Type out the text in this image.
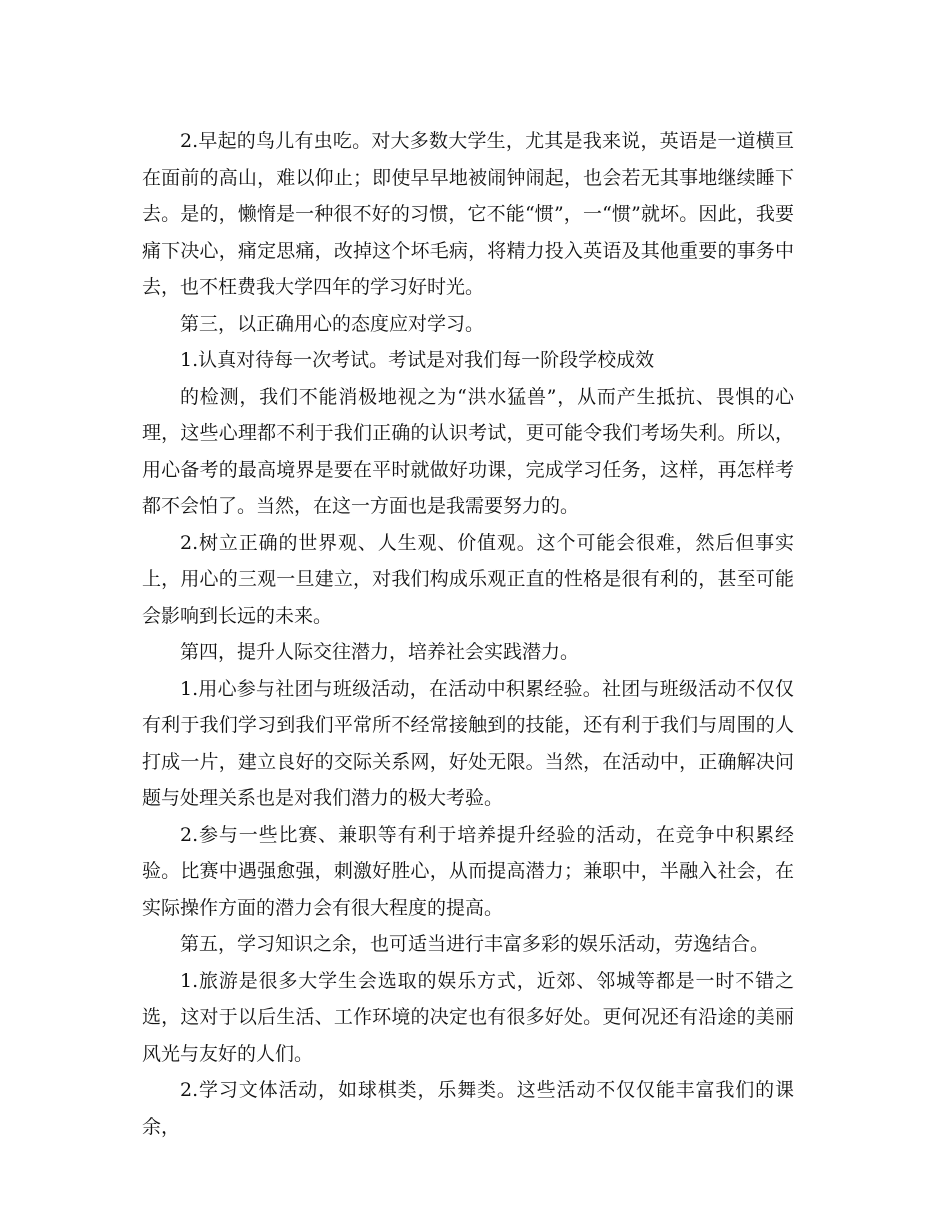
2.早起的鸟儿有虫吃。对大多数大学生，尤其是我来说，英语是一道横亘在面前的高山，难以仰止；即使早早地被闹钟闹起，也会若无其事地继续睡下去。是的，懒惰是一种很不好的习惯，它不能“惯”，一“惯”就坏。因此，我要痛下决心，痛定思痛，改掉这个坏毛病，将精力投入英语及其他重要的事务中去，也不枉费我大学四年的学习好时光。

第三，以正确用心的态度应对学习。

1.认真对待每一次考试。考试是对我们每一阶段学校成效

的检测，我们不能消极地视之为“洪水猛兽”，从而产生抵抗、畏惧的心理，这些心理都不利于我们正确的认识考试，更可能令我们考场失利。所以，用心备考的最高境界是要在平时就做好功课，完成学习任务，这样，再怎样考都不会怕了。当然，在这一方面也是我需要努力的。

2.树立正确的世界观、人生观、价值观。这个可能会很难，然后但事实上，用心的三观一旦建立，对我们构成乐观正直的性格是很有利的，甚至可能会影响到长远的未来。

第四，提升人际交往潜力，培养社会实践潜力。

1.用心参与社团与班级活动，在活动中积累经验。社团与班级活动不仅仅有利于我们学习到我们平常所不经常接触到的技能，还有利于我们与周围的人打成一片，建立良好的交际关系网，好处无限。当然，在活动中，正确解决问题与处理关系也是对我们潜力的极大考验。

2.参与一些比赛、兼职等有利于培养提升经验的活动，在竞争中积累经验。比赛中遇强愈强，刺激好胜心，从而提高潜力；兼职中，半融入社会，在实际操作方面的潜力会有很大程度的提高。

第五，学习知识之余，也可适当进行丰富多彩的娱乐活动，劳逸结合。

1.旅游是很多大学生会选取的娱乐方式，近郊、邻城等都是一时不错之选，这对于以后生活、工作环境的决定也有很多好处。更何况还有沿途的美丽风光与友好的人们。

2.学习文体活动，如球棋类，乐舞类。这些活动不仅仅能丰富我们的课余，
